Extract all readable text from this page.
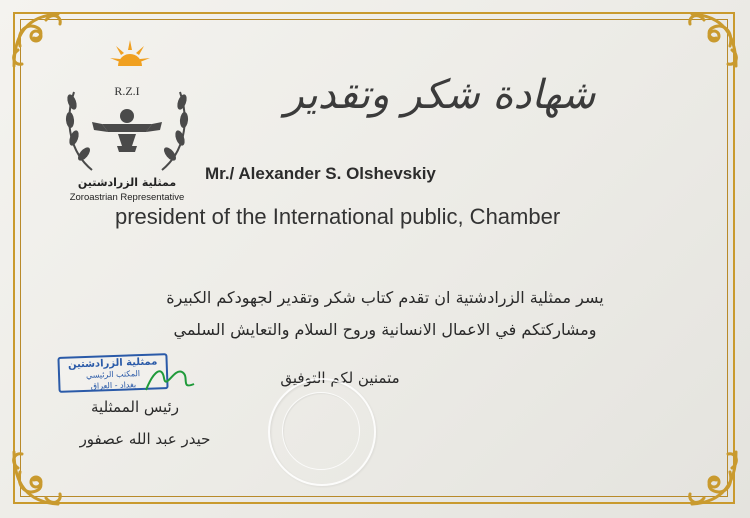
R.Z.I
ممثلية الزرادشتين
Zoroastrian Representative
شهادة شكر وتقدير
Mr./ Alexander S. Olshevskiy
president of the International public, Chamber
يسر ممثلية الزرادشتية ان تقدم كتاب شكر وتقدير لجهودكم الكبيرة
ومشاركتكم في الاعمال الانسانية وروح السلام والتعايش السلمي
متمنين لكم التوفيق
ممثلية الزرادشتين
المكتب الرئيسي
بغداد - العراق
رئيس الممثلية
حيدر عبد الله عصفور
